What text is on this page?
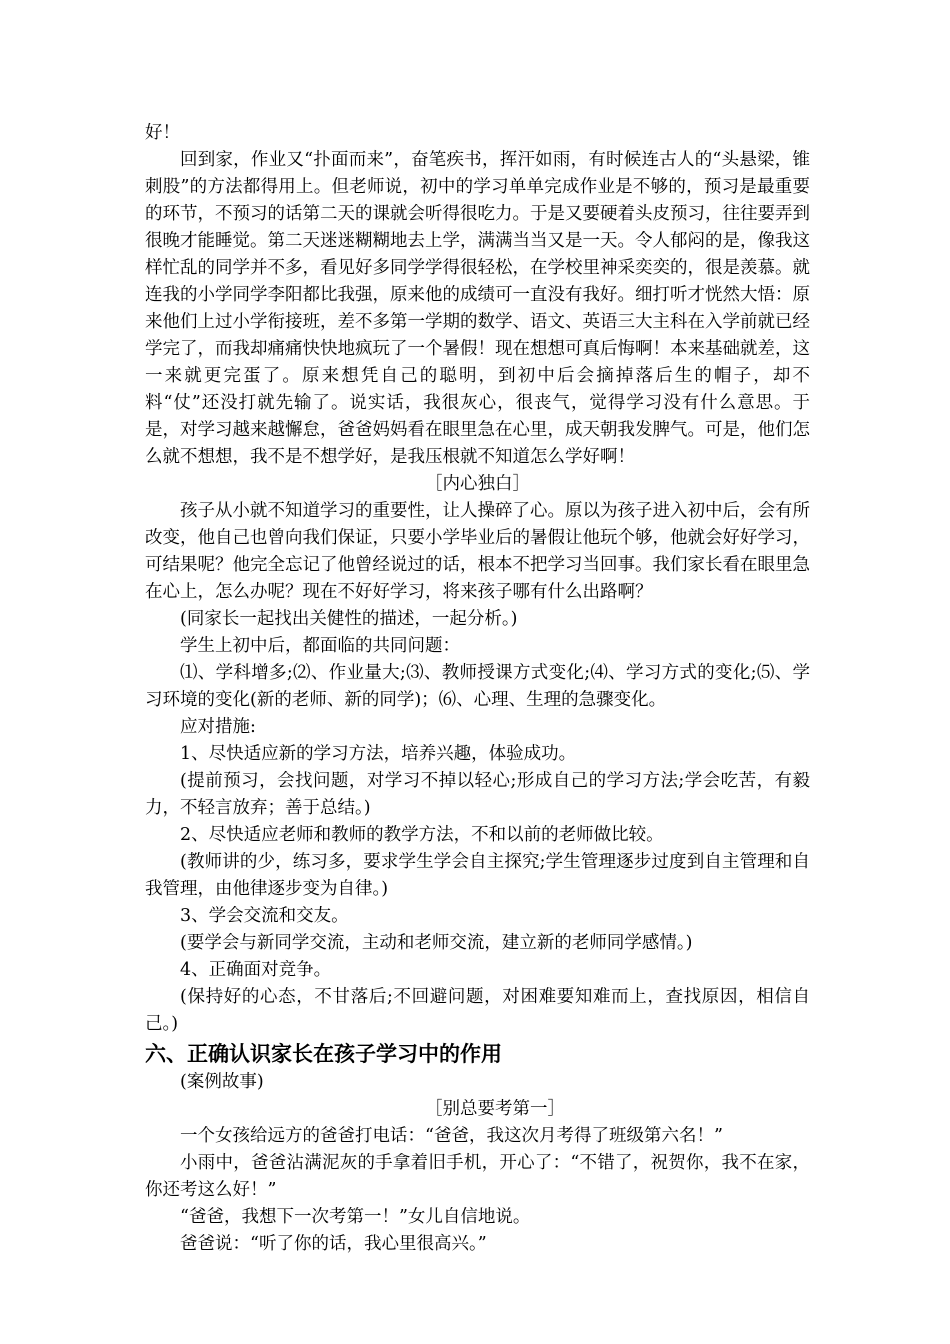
好！

回到家，作业又“扑面而来”，奋笔疾书，挥汗如雨，有时候连古人的“头悬梁，锥刺股”的方法都得用上。但老师说，初中的学习单单完成作业是不够的，预习是最重要的环节，不预习的话第二天的课就会听得很吃力。于是又要硬着头皮预习，往往要弄到很晚才能睡觉。第二天迷迷糊糊地去上学，满满当当又是一天。令人郁闷的是，像我这样忙乱的同学并不多，看见好多同学学得很轻松，在学校里神采奕奕的，很是羡慕。就连我的小学同学李阳都比我强，原来他的成绩可一直没有我好。细打听才恍然大悟：原来他们上过小学衔接班，差不多第一学期的数学、语文、英语三大主科在入学前就已经学完了，而我却痛痛快快地疯玩了一个暑假！现在想想可真后悔啊！本来基础就差，这一来就更完蛋了。原来想凭自己的聪明，到初中后会摘掉落后生的帽子，却不料“仗”还没打就先输了。说实话，我很灰心，很丧气，觉得学习没有什么意思。于是，对学习越来越懈怠，爸爸妈妈看在眼里急在心里，成天朝我发脾气。可是，他们怎么就不想想，我不是不想学好，是我压根就不知道怎么学好啊！

［内心独白］

孩子从小就不知道学习的重要性，让人操碎了心。原以为孩子进入初中后，会有所改变，他自己也曾向我们保证，只要小学毕业后的暑假让他玩个够，他就会好好学习，可结果呢？他完全忘记了他曾经说过的话，根本不把学习当回事。我们家长看在眼里急在心上，怎么办呢？现在不好好学习，将来孩子哪有什么出路啊？

(同家长一起找出关健性的描述，一起分析。)

学生上初中后，都面临的共同问题：

⑴、学科增多;⑵、作业量大;⑶、教师授课方式变化;⑷、学习方式的变化;⑸、学习环境的变化(新的老师、新的同学)；⑹、心理、生理的急骤变化。

应对措施:

1、尽快适应新的学习方法，培养兴趣，体验成功。

(提前预习，会找问题，对学习不掉以轻心;形成自己的学习方法;学会吃苦，有毅力，不轻言放弃；善于总结。)

2、尽快适应老师和教师的教学方法，不和以前的老师做比较。

(教师讲的少，练习多，要求学生学会自主探究;学生管理逐步过度到自主管理和自我管理，由他律逐步变为自律。)

3、学会交流和交友。

(要学会与新同学交流，主动和老师交流，建立新的老师同学感情。)

4、正确面对竞争。

(保持好的心态，不甘落后;不回避问题，对困难要知难而上，查找原因，相信自己。)

六、正确认识家长在孩子学习中的作用

(案例故事)

［别总要考第一］

一个女孩给远方的爸爸打电话：“爸爸，我这次月考得了班级第六名！”

小雨中，爸爸沾满泥灰的手拿着旧手机，开心了：“不错了，祝贺你，我不在家，你还考这么好！”

“爸爸，我想下一次考第一！”女儿自信地说。

爸爸说：“听了你的话，我心里很高兴。”
